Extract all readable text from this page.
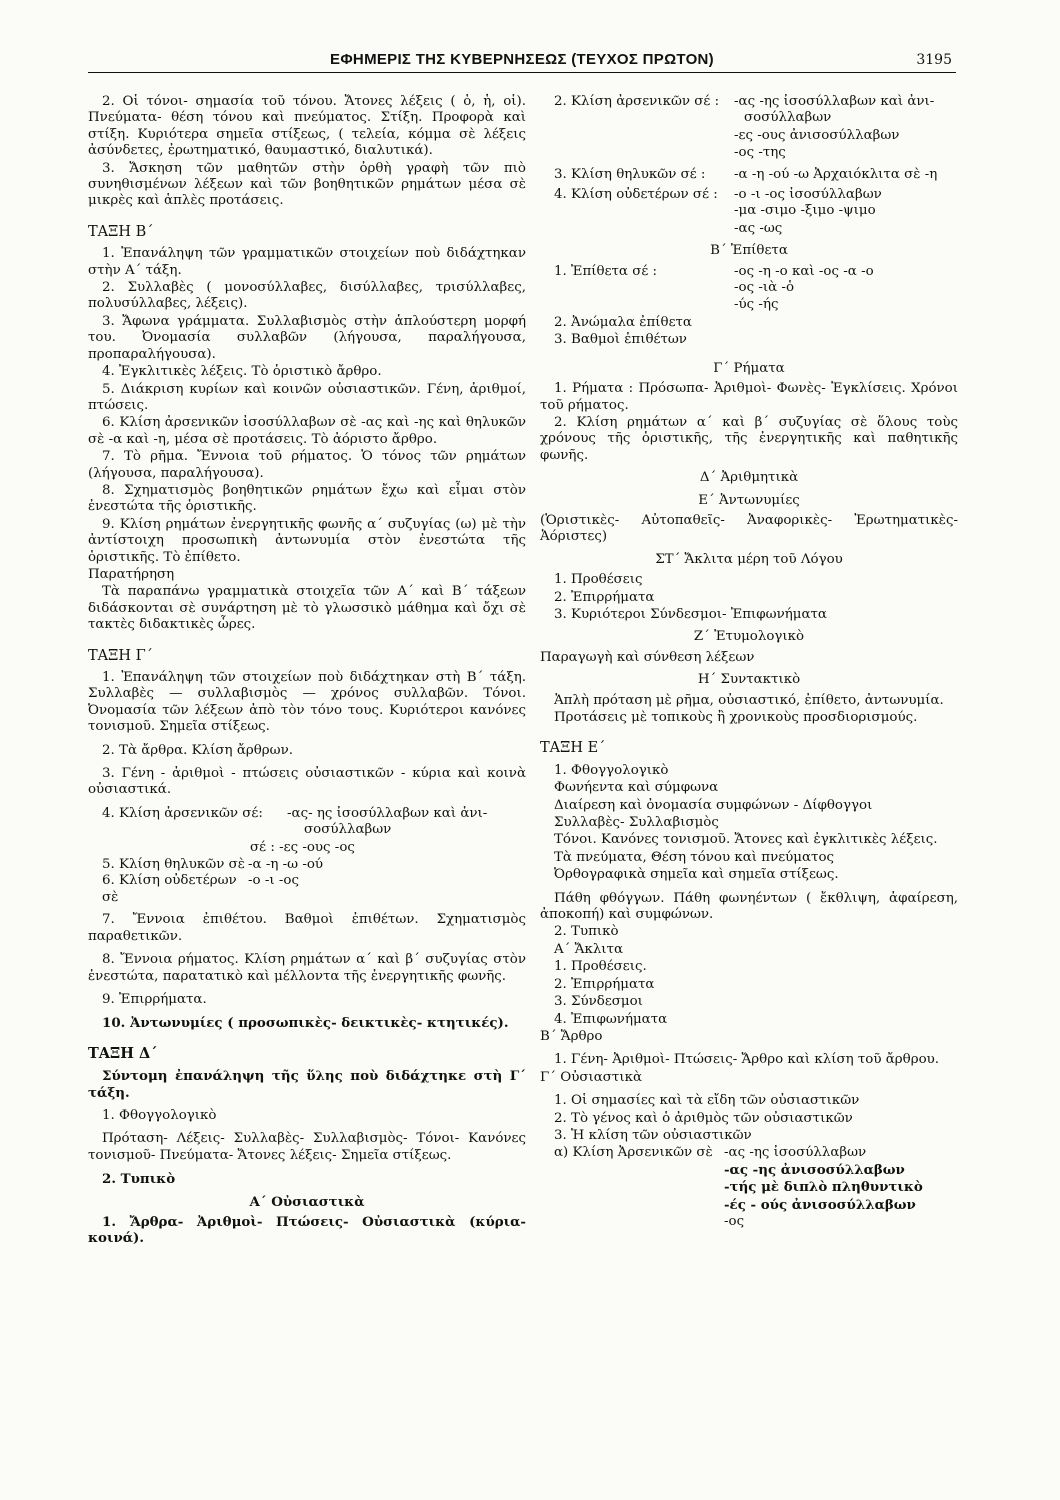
ΕΦΗΜΕΡΙΣ ΤΗΣ ΚΥΒΕΡΝΗΣΕΩΣ (ΤΕΥΧΟΣ ΠΡΩΤΟΝ)	3195

2. Οἱ τόνοι- σημασία τοῦ τόνου. Ἄτονες λέξεις ( ὁ, ἡ, οἱ). Πνεύματα- θέση τόνου καὶ πνεύματος. Στίξη. Προφορὰ καὶ στίξη. Κυριότερα σημεῖα στίξεως, ( τελεία, κόμμα σὲ λέξεις ἀσύνδετες, ἐρωτηματικό, θαυμαστικό, διαλυτικά).

3. Ἄσκηση τῶν μαθητῶν στὴν ὀρθὴ γραφὴ τῶν πιὸ συνηθισμένων λέξεων καὶ τῶν βοηθητικῶν ρημάτων μέσα σὲ μικρὲς καὶ ἁπλὲς προτάσεις.

ΤΑΞΗ Β΄

1. Ἐπανάληψη τῶν γραμματικῶν στοιχείων ποὺ διδάχτηκαν στὴν Α΄ τάξη.

2. Συλλαβὲς ( μονοσύλλαβες, δισύλλαβες, τρισύλλαβες, πολυσύλλαβες, λέξεις).

3. Ἄφωνα γράμματα. Συλλαβισμὸς στὴν ἁπλούστερη μορφή του. Ὀνομασία συλλαβῶν (λήγουσα, παραλήγουσα, προπαραλήγουσα).

4. Ἐγκλιτικὲς λέξεις. Τὸ ὁριστικὸ ἄρθρο.

5. Διάκριση κυρίων καὶ κοινῶν οὐσιαστικῶν. Γένη, ἀριθμοί, πτώσεις.

6. Κλίση ἀρσενικῶν ἰσοσύλλαβων σὲ -ας καὶ -ης καὶ θηλυκῶν σὲ -α καὶ -η, μέσα σὲ προτάσεις. Τὸ ἀόριστο ἄρθρο.

7. Τὸ ρῆμα. Ἔννοια τοῦ ρήματος. Ὁ τόνος τῶν ρημάτων (λήγουσα, παραλήγουσα).

8. Σχηματισμὸς βοηθητικῶν ρημάτων ἔχω καὶ εἶμαι στὸν ἐνεστώτα τῆς ὁριστικῆς.

9. Κλίση ρημάτων ἐνεργητικῆς φωνῆς α΄ συζυγίας (ω) μὲ τὴν ἀντίστοιχη προσωπικὴ ἀντωνυμία στὸν ἐνεστώτα τῆς ὁριστικῆς. Τὸ ἐπίθετο.

Παρατήρηση

Τὰ παραπάνω γραμματικὰ στοιχεῖα τῶν Α΄ καὶ Β΄ τάξεων διδάσκονται σὲ συνάρτηση μὲ τὸ γλωσσικὸ μάθημα καὶ ὄχι σὲ τακτὲς διδακτικὲς ὧρες.

ΤΑΞΗ Γ΄

1. Ἐπανάληψη τῶν στοιχείων ποὺ διδάχτηκαν στὴ Β΄ τάξη. Συλλαβὲς — συλλαβισμὸς — χρόνος συλλαβῶν. Τόνοι. Ὀνομασία τῶν λέξεων ἀπὸ τὸν τόνο τους. Κυριότεροι κανόνες τονισμοῦ. Σημεῖα στίξεως.

2. Τὰ ἄρθρα. Κλίση ἄρθρων.

3. Γένη - ἀριθμοὶ - πτώσεις οὐσιαστικῶν - κύρια καὶ κοινὰ οὐσιαστικά.

4. Κλίση ἀρσενικῶν σέ:	-ας- ης ἰσοσύλλαβων καὶ ἀνι-
σοσύλλαβων
σέ : -ες -ους -ος
5. Κλίση θηλυκῶν σὲ -α -η -ω -ού
6. Κλίση οὐδετέρων σὲ
-ο -ι -ος

7. Ἔννοια ἐπιθέτου. Βαθμοὶ ἐπιθέτων. Σχηματισμὸς παραθετικῶν.

8. Ἔννοια ρήματος. Κλίση ρημάτων α΄ καὶ β΄ συζυγίας στὸν ἐνεστώτα, παρατατικὸ καὶ μέλλοντα τῆς ἐνεργητικῆς φωνῆς.

9. Ἐπιρρήματα.

10. Ἀντωνυμίες ( προσωπικὲς- δεικτικὲς- κτητικές).

ΤΑΞΗ Δ΄

Σύντομη ἐπανάληψη τῆς ὕλης ποὺ διδάχτηκε στὴ Γ΄ τάξη.

1. Φθογγολογικὸ

Πρόταση- Λέξεις- Συλλαβὲς- Συλλαβισμὸς- Τόνοι- Κανόνες τονισμοῦ- Πνεύματα- Ἄτονες λέξεις- Σημεῖα στίξεως.

2. Τυπικὸ

Α΄ Οὐσιαστικὰ

1. Ἄρθρα- Ἀριθμοὶ- Πτώσεις- Οὐσιαστικὰ (κύρια- κοινά).

2. Κλίση ἀρσενικῶν σέ :	-ας -ης ἰσοσύλλαβων καὶ ἀνι-
σοσύλλαβων
-ες -ους ἀνισοσύλλαβων
-ος -της
3. Κλίση θηλυκῶν σέ :	-α -η -ού -ω Ἀρχαιόκλιτα σὲ -η
4. Κλίση οὐδετέρων σέ :	-ο -ι -ος ἰσοσύλλαβων
-μα -σιμο -ξιμο -ψιμο
-ας -ως
Β΄ Ἐπίθετα
1. Ἐπίθετα σέ :	-ος -η -ο καὶ -ος -α -ο
-ος -ιὰ -ὁ
-ύς -ής

2. Ἀνώμαλα ἐπίθετα

3. Βαθμοὶ ἐπιθέτων

Γ΄ Ρήματα

1. Ρήματα : Πρόσωπα- Ἀριθμοὶ- Φωνὲς- Ἐγκλίσεις. Χρόνοι τοῦ ρήματος.

2. Κλίση ρημάτων α΄ καὶ β΄ συζυγίας σὲ ὅλους τοὺς χρόνους τῆς ὁριστικῆς, τῆς ἐνεργητικῆς καὶ παθητικῆς φωνῆς.

Δ΄ Ἀριθμητικὰ
Ε΄ Ἀντωνυμίες

(Ὁριστικὲς- Αὐτοπαθεῖς- Ἀναφορικὲς- Ἐρωτηματικὲς- Ἀόριστες)

ΣΤ΄ Ἄκλιτα μέρη τοῦ Λόγου

1. Προθέσεις

2. Ἐπιρρήματα

3. Κυριότεροι Σύνδεσμοι- Ἐπιφωνήματα

Ζ΄ Ἐτυμολογικὸ

Παραγωγὴ καὶ σύνθεση λέξεων

Η΄ Συντακτικὸ

Ἁπλὴ πρόταση μὲ ρῆμα, οὐσιαστικό, ἐπίθετο, ἀντωνυμία.

Προτάσεις μὲ τοπικοὺς ἢ χρονικοὺς προσδιορισμούς.

ΤΑΞΗ Ε΄

1. Φθογγολογικὸ

Φωνήεντα καὶ σύμφωνα

Διαίρεση καὶ ὀνομασία συμφώνων - Δίφθογγοι

Συλλαβὲς- Συλλαβισμὸς

Τόνοι. Κανόνες τονισμοῦ. Ἄτονες καὶ ἐγκλιτικὲς λέξεις.

Τὰ πνεύματα, Θέση τόνου καὶ πνεύματος

Ὀρθογραφικὰ σημεῖα καὶ σημεῖα στίξεως.

Πάθη φθόγγων. Πάθη φωνηέντων ( ἔκθλιψη, ἀφαίρεση, ἀποκοπή) καὶ συμφώνων.

2. Τυπικὸ

Α΄ Ἄκλιτα

1. Προθέσεις.

2. Ἐπιρρήματα

3. Σύνδεσμοι

4. Ἐπιφωνήματα

Β΄ Ἄρθρο

1. Γένη- Ἀριθμοὶ- Πτώσεις- Ἄρθρο καὶ κλίση τοῦ ἄρθρου.

Γ΄ Οὐσιαστικὰ

1. Οἱ σημασίες καὶ τὰ εἴδη τῶν οὐσιαστικῶν

2. Τὸ γένος καὶ ὁ ἀριθμὸς τῶν οὐσιαστικῶν

3. Ἡ κλίση τῶν οὐσιαστικῶν

α) Κλίση Ἀρσενικῶν σὲ -ας -ης ἰσοσύλλαβων
-ας -ης ἀνισοσύλλαβων
-τής μὲ διπλὸ πληθυντικὸ
-ές - ούς ἀνισοσύλλαβων
-ος
